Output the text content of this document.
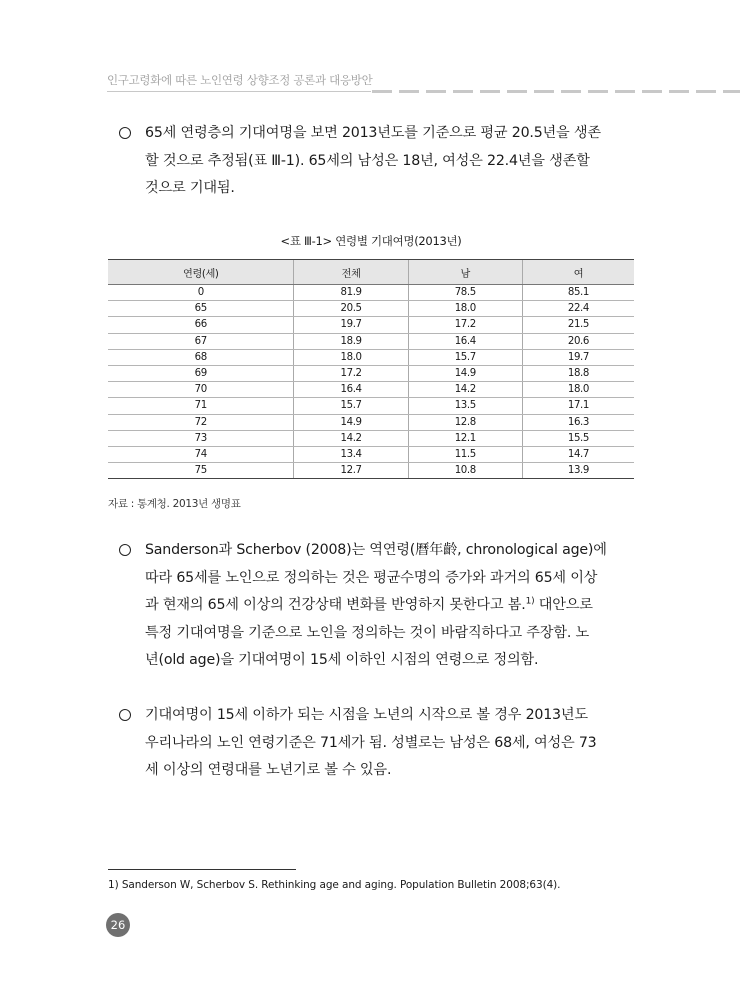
인구고령화에 따른 노인연령 상향조정 공론과 대응방안
65세 연령층의 기대여명을 보면 2013년도를 기준으로 평균 20.5년을 생존
할 것으로 추정됨(표 Ⅲ-1). 65세의 남성은 18년, 여성은 22.4년을 생존할
것으로 기대됨.
<표 Ⅲ-1> 연령별 기대여명(2013년)
연령(세)	전체	남	여
0	81.9	78.5	85.1
65	20.5	18.0	22.4
66	19.7	17.2	21.5
67	18.9	16.4	20.6
68	18.0	15.7	19.7
69	17.2	14.9	18.8
70	16.4	14.2	18.0
71	15.7	13.5	17.1
72	14.9	12.8	16.3
73	14.2	12.1	15.5
74	13.4	11.5	14.7
75	12.7	10.8	13.9
자료 : 통계청. 2013년 생명표
Sanderson과 Scherbov (2008)는 역연령(曆年齡, chronological age)에
따라 65세를 노인으로 정의하는 것은 평균수명의 증가와 과거의 65세 이상
과 현재의 65세 이상의 건강상태 변화를 반영하지 못한다고 봄.$^{1)}$ 대안으로
특정 기대여명을 기준으로 노인을 정의하는 것이 바람직하다고 주장함. 노
년(old age)을 기대여명이 15세 이하인 시점의 연령으로 정의함.
기대여명이 15세 이하가 되는 시점을 노년의 시작으로 볼 경우 2013년도
우리나라의 노인 연령기준은 71세가 됨. 성별로는 남성은 68세, 여성은 73
세 이상의 연령대를 노년기로 볼 수 있음.
1) Sanderson W, Scherbov S. Rethinking age and aging. Population Bulletin 2008;63(4).
26
